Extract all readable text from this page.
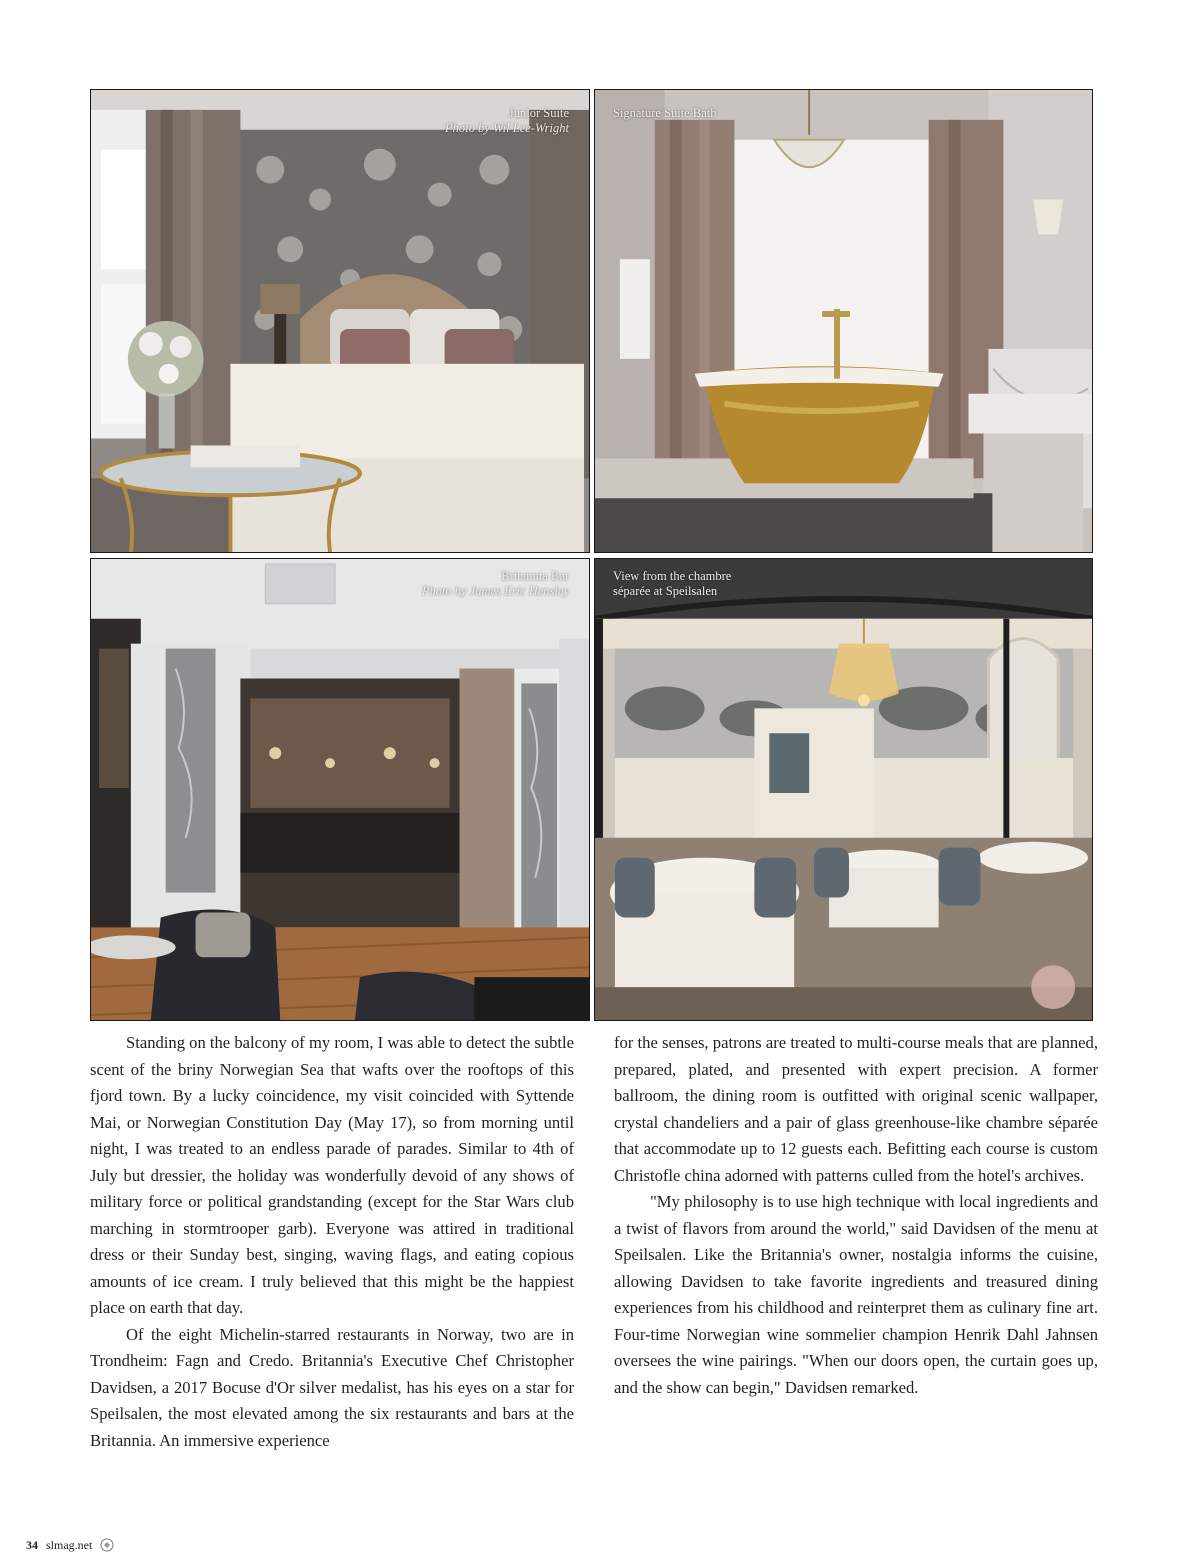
Junior Suite
Photo by Wil Lee-Wright
Signature Suite Bath
Britannia Bar
Photo by James Eric Hensley
View from the chambre
séparée at Speilsalen

Standing on the balcony of my room, I was able to detect the subtle scent of the briny Norwegian Sea that wafts over the rooftops of this fjord town. By a lucky coincidence, my visit coincided with Syttende Mai, or Norwegian Constitution Day (May 17), so from morning until night, I was treated to an endless parade of parades. Similar to 4th of July but dressier, the holiday was wonderfully devoid of any shows of military force or political grandstanding (except for the Star Wars club marching in stormtrooper garb). Everyone was attired in traditional dress or their Sunday best, singing, waving flags, and eating copious amounts of ice cream. I truly believed that this might be the happiest place on earth that day.

Of the eight Michelin-starred restaurants in Norway, two are in Trondheim: Fagn and Credo. Britannia's Executive Chef Christopher Davidsen, a 2017 Bocuse d'Or silver medalist, has his eyes on a star for Speilsalen, the most elevated among the six restaurants and bars at the Britannia. An immersive experience

for the senses, patrons are treated to multi-course meals that are planned, prepared, plated, and presented with expert precision. A former ballroom, the dining room is outfitted with original scenic wallpaper, crystal chandeliers and a pair of glass greenhouse-like chambre séparée that accommodate up to 12 guests each. Befitting each course is custom Christofle china adorned with patterns culled from the hotel's archives.

"My philosophy is to use high technique with local ingredients and a twist of flavors from around the world," said Davidsen of the menu at Speilsalen. Like the Britannia's owner, nostalgia informs the cuisine, allowing Davidsen to take favorite ingredients and treasured dining experiences from his childhood and reinterpret them as culinary fine art. Four-time Norwegian wine sommelier champion Henrik Dahl Jahnsen oversees the wine pairings. "When our doors open, the curtain goes up, and the show can begin," Davidsen remarked.

34 slmag.net
